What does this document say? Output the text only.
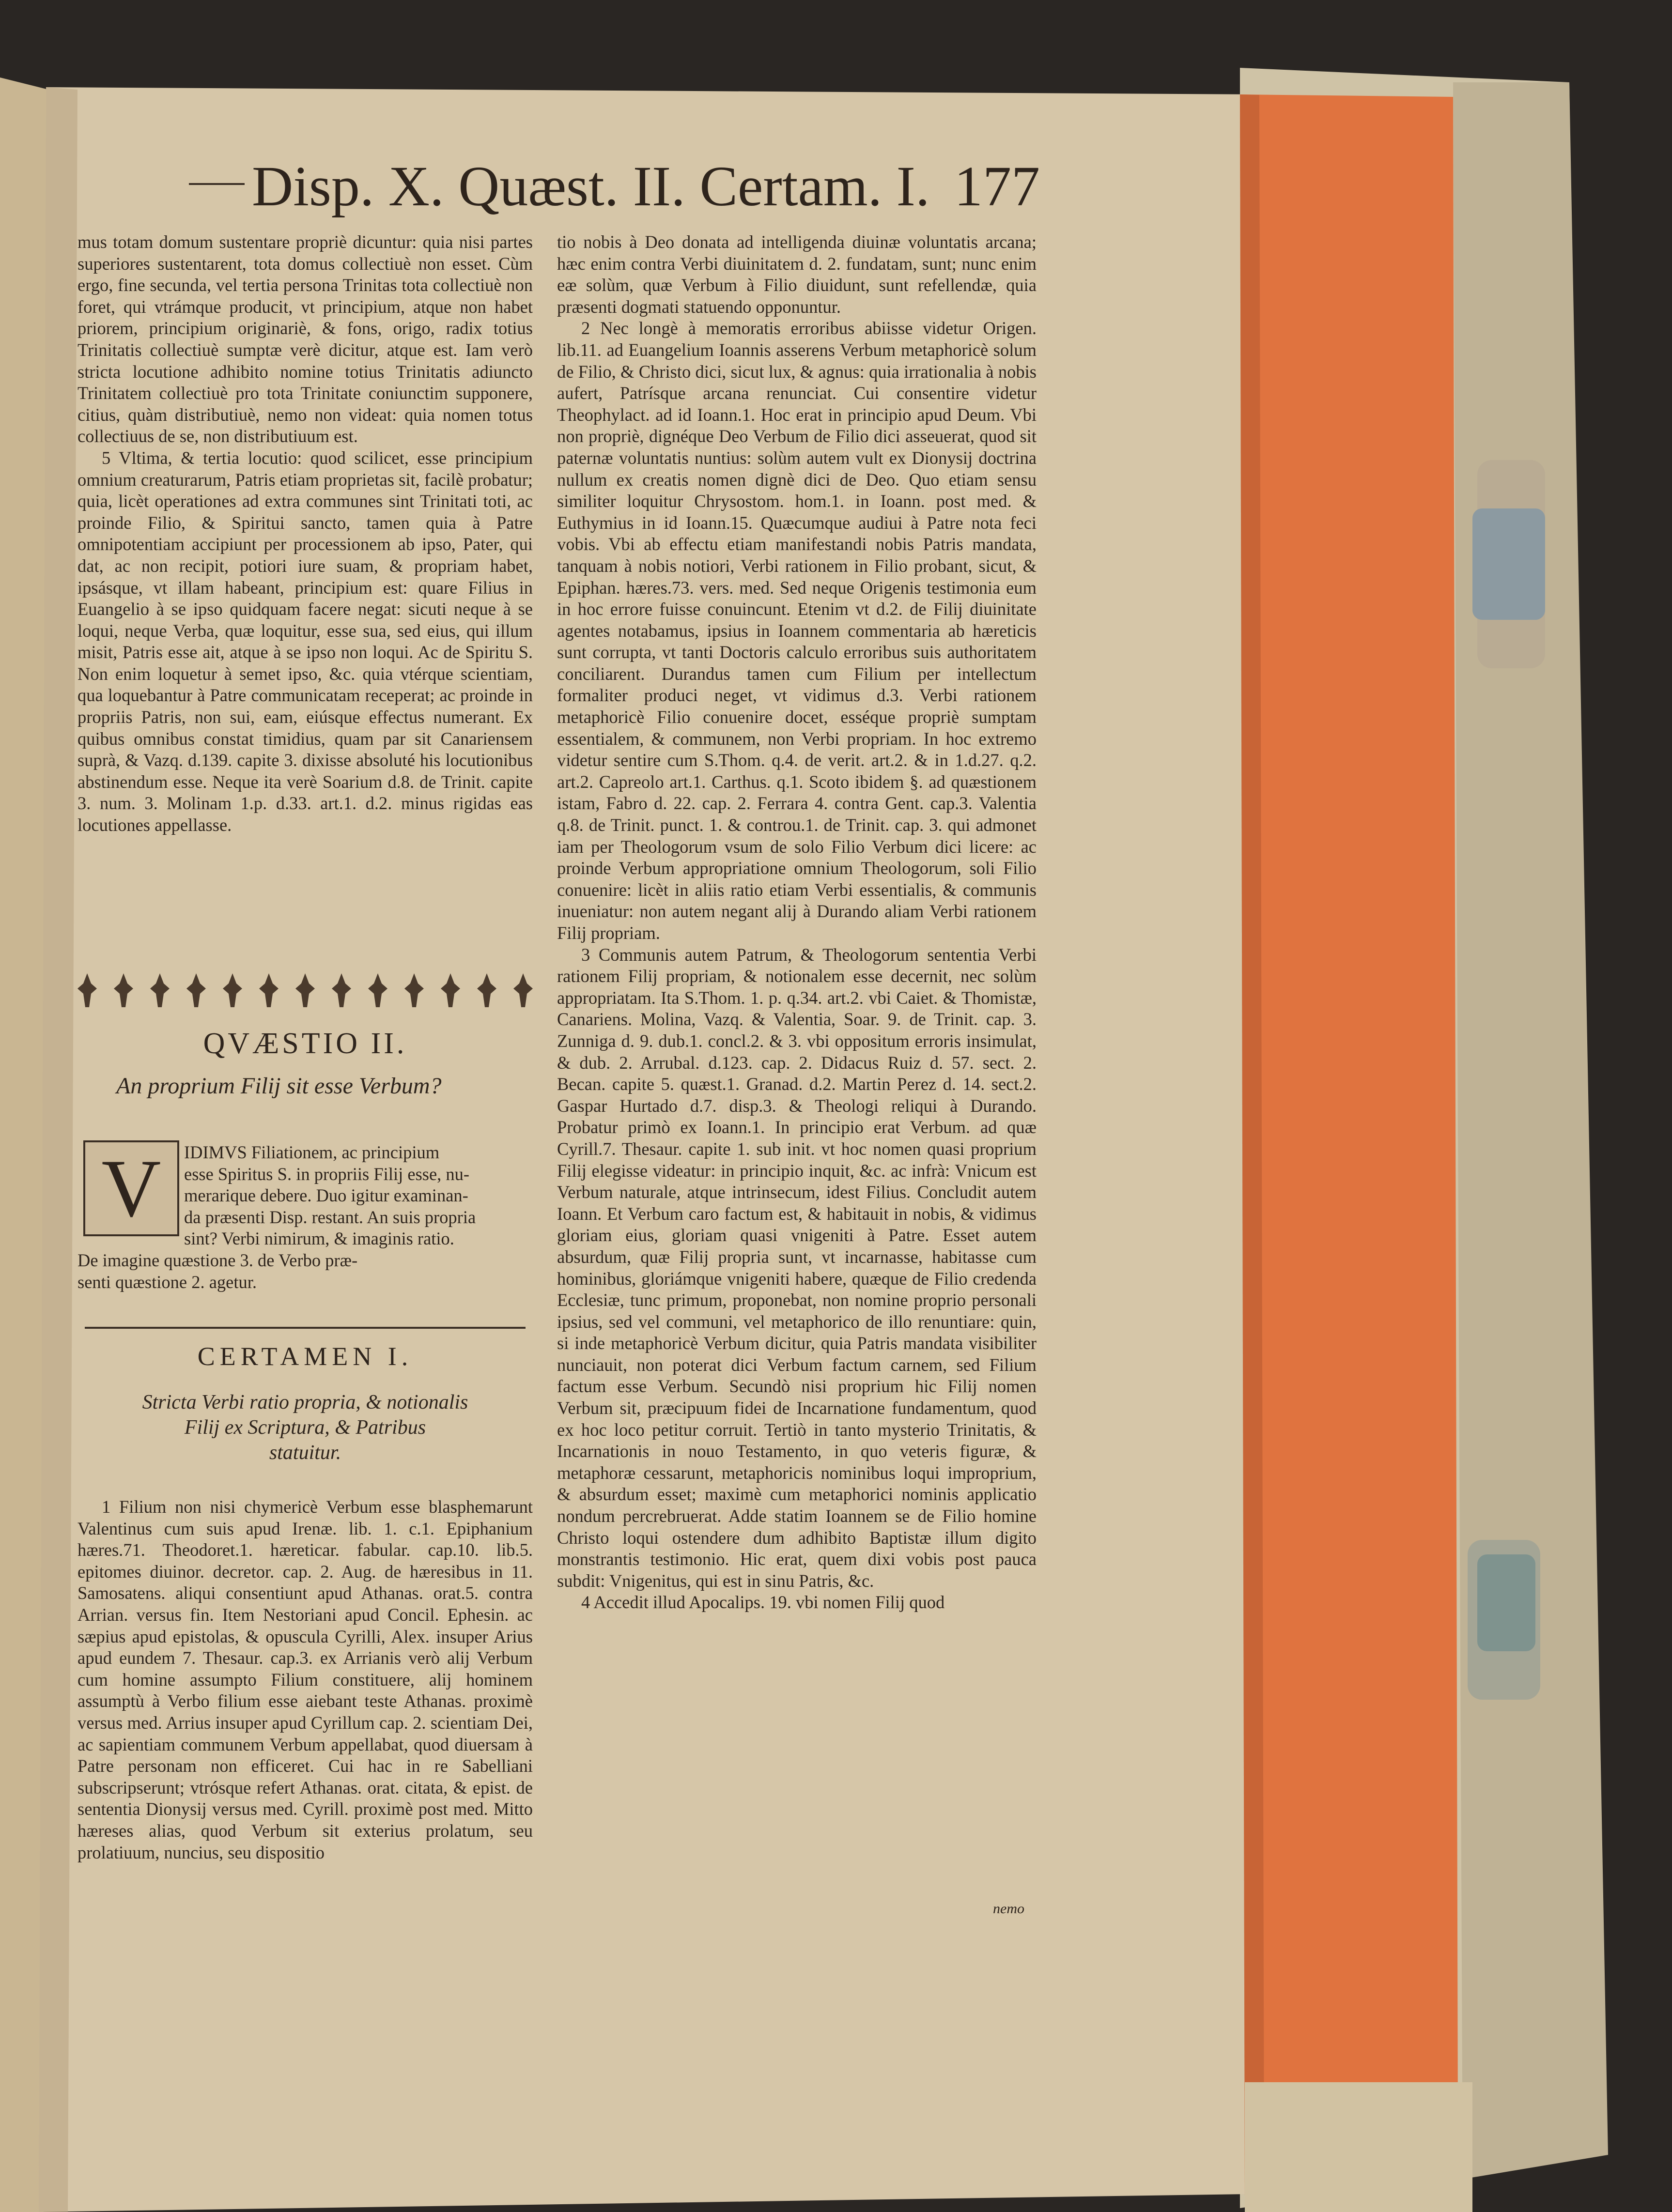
Disp. X. Quæst. II. Certam. I. 177

mus totam domum sustentare propriè dicuntur: quia nisi partes superiores sustentarent, tota domus collectiuè non esset. Cùm ergo, fine secunda, vel tertia persona Trinitas tota collectiuè non foret, qui vtrámque producit, vt principium, atque non habet priorem, principium originariè, & fons, origo, radix totius Trinitatis collectiuè sumptæ verè dicitur, atque est. Iam verò stricta locutione adhibito nomine totius Trinitatis adiuncto Trinitatem collectiuè pro tota Trinitate coniunctim supponere, citius, quàm distributiuè, nemo non videat: quia nomen totus collectiuus de se, non distributiuum est.

5 Vltima, & tertia locutio: quod scilicet, esse principium omnium creaturarum, Patris etiam proprietas sit, facilè probatur; quia, licèt operationes ad extra communes sint Trinitati toti, ac proinde Filio, & Spiritui sancto, tamen quia à Patre omnipotentiam accipiunt per processionem ab ipso, Pater, qui dat, ac non recipit, potiori iure suam, & propriam habet, ipsásque, vt illam habeant, principium est: quare Filius in Euangelio à se ipso quidquam facere negat: sicuti neque à se loqui, neque Verba, quæ loquitur, esse sua, sed eius, qui illum misit, Patris esse ait, atque à se ipso non loqui. Ac de Spiritu S. Non enim loquetur à semet ipso, &c. quia vtérque scientiam, qua loquebantur à Patre communicatam receperat; ac proinde in propriis Patris, non sui, eam, eiúsque effectus numerant. Ex quibus omnibus constat timidius, quam par sit Canariensem suprà, & Vazq. d.139. capite 3. dixisse absoluté his locutionibus abstinendum esse. Neque ita verè Soarium d.8. de Trinit. capite 3. num. 3. Molinam 1.p. d.33. art.1. d.2. minus rigidas eas locutiones appellasse.

QVÆSTIO II.
An proprium Filij sit esse Verbum?
V	IDIMVS Filiationem, ac principium
esse Spiritus S. in propriis Filij esse, nu-
merarique debere. Duo igitur examinan-
da præsenti Disp. restant. An suis propria
sint? Verbi nimirum, & imaginis ratio.
De imagine quæstione 3. de Verbo præ-
senti quæstione 2. agetur.
CERTAMEN I.
Stricta Verbi ratio propria, & notionalis
Filij ex Scriptura, & Patribus
statuitur.

1 Filium non nisi chymericè Verbum esse blasphemarunt Valentinus cum suis apud Irenæ. lib. 1. c.1. Epiphanium hæres.71. Theodoret.1. hæreticar. fabular. cap.10. lib.5. epitomes diuinor. decretor. cap. 2. Aug. de hæresibus in 11. Samosatens. aliqui consentiunt apud Athanas. orat.5. contra Arrian. versus fin. Item Nestoriani apud Concil. Ephesin. ac sæpius apud epistolas, & opuscula Cyrilli, Alex. insuper Arius apud eundem 7. Thesaur. cap.3. ex Arrianis verò alij Verbum cum homine assumpto Filium constituere, alij hominem assumptù à Verbo filium esse aiebant teste Athanas. proximè versus med. Arrius insuper apud Cyrillum cap. 2. scientiam Dei, ac sapientiam communem Verbum appellabat, quod diuersam à Patre personam non efficeret. Cui hac in re Sabelliani subscripserunt; vtrósque refert Athanas. orat. citata, & epist. de sententia Dionysij versus med. Cyrill. proximè post med. Mitto hæreses alias, quod Verbum sit exterius prolatum, seu prolatiuum, nuncius, seu dispositio

tio nobis à Deo donata ad intelligenda diuinæ voluntatis arcana; hæc enim contra Verbi diuinitatem d. 2. fundatam, sunt; nunc enim eæ solùm, quæ Verbum à Filio diuidunt, sunt refellendæ, quia præsenti dogmati statuendo opponuntur.

2 Nec longè à memoratis erroribus abiisse videtur Origen. lib.11. ad Euangelium Ioannis asserens Verbum metaphoricè solum de Filio, & Christo dici, sicut lux, & agnus: quia irrationalia à nobis aufert, Patrísque arcana renunciat. Cui consentire videtur Theophylact. ad id Ioann.1. Hoc erat in principio apud Deum. Vbi non propriè, dignéque Deo Verbum de Filio dici asseuerat, quod sit paternæ voluntatis nuntius: solùm autem vult ex Dionysij doctrina nullum ex creatis nomen dignè dici de Deo. Quo etiam sensu similiter loquitur Chrysostom. hom.1. in Ioann. post med. & Euthymius in id Ioann.15. Quæcumque audiui à Patre nota feci vobis. Vbi ab effectu etiam manifestandi nobis Patris mandata, tanquam à nobis notiori, Verbi rationem in Filio probant, sicut, & Epiphan. hæres.73. vers. med. Sed neque Origenis testimonia eum in hoc errore fuisse conuincunt. Etenim vt d.2. de Filij diuinitate agentes notabamus, ipsius in Ioannem commentaria ab hæreticis sunt corrupta, vt tanti Doctoris calculo erroribus suis authoritatem conciliarent. Durandus tamen cum Filium per intellectum formaliter produci neget, vt vidimus d.3. Verbi rationem metaphoricè Filio conuenire docet, esséque propriè sumptam essentialem, & communem, non Verbi propriam. In hoc extremo videtur sentire cum S.Thom. q.4. de verit. art.2. & in 1.d.27. q.2. art.2. Capreolo art.1. Carthus. q.1. Scoto ibidem §. ad quæstionem istam, Fabro d. 22. cap. 2. Ferrara 4. contra Gent. cap.3. Valentia q.8. de Trinit. punct. 1. & controu.1. de Trinit. cap. 3. qui admonet iam per Theologorum vsum de solo Filio Verbum dici licere: ac proinde Verbum appropriatione omnium Theologorum, soli Filio conuenire: licèt in aliis ratio etiam Verbi essentialis, & communis inueniatur: non autem negant alij à Durando aliam Verbi rationem Filij propriam.

3 Communis autem Patrum, & Theologorum sententia Verbi rationem Filij propriam, & notionalem esse decernit, nec solùm appropriatam. Ita S.Thom. 1. p. q.34. art.2. vbi Caiet. & Thomistæ, Canariens. Molina, Vazq. & Valentia, Soar. 9. de Trinit. cap. 3. Zunniga d. 9. dub.1. concl.2. & 3. vbi oppositum erroris insimulat, & dub. 2. Arrubal. d.123. cap. 2. Didacus Ruiz d. 57. sect. 2. Becan. capite 5. quæst.1. Granad. d.2. Martin Perez d. 14. sect.2. Gaspar Hurtado d.7. disp.3. & Theologi reliqui à Durando. Probatur primò ex Ioann.1. In principio erat Verbum. ad quæ Cyrill.7. Thesaur. capite 1. sub init. vt hoc nomen quasi proprium Filij elegisse videatur: in principio inquit, &c. ac infrà: Vnicum est Verbum naturale, atque intrinsecum, idest Filius. Concludit autem Ioann. Et Verbum caro factum est, & habitauit in nobis, & vidimus gloriam eius, gloriam quasi vnigeniti à Patre. Esset autem absurdum, quæ Filij propria sunt, vt incarnasse, habitasse cum hominibus, gloriámque vnigeniti habere, quæque de Filio credenda Ecclesiæ, tunc primum, proponebat, non nomine proprio personali ipsius, sed vel communi, vel metaphorico de illo renuntiare: quin, si inde metaphoricè Verbum dicitur, quia Patris mandata visibiliter nunciauit, non poterat dici Verbum factum carnem, sed Filium factum esse Verbum. Secundò nisi proprium hic Filij nomen Verbum sit, præcipuum fidei de Incarnatione fundamentum, quod ex hoc loco petitur corruit. Tertiò in tanto mysterio Trinitatis, & Incarnationis in nouo Testamento, in quo veteris figuræ, & metaphoræ cessarunt, metaphoricis nominibus loqui improprium, & absurdum esset; maximè cum metaphorici nominis applicatio nondum percrebruerat. Adde statim Ioannem se de Filio homine Christo loqui ostendere dum adhibito Baptistæ illum digito monstrantis testimonio. Hic erat, quem dixi vobis post pauca subdit: Vnigenitus, qui est in sinu Patris, &c.

4 Accedit illud Apocalips. 19. vbi nomen Filij quod

nemo
